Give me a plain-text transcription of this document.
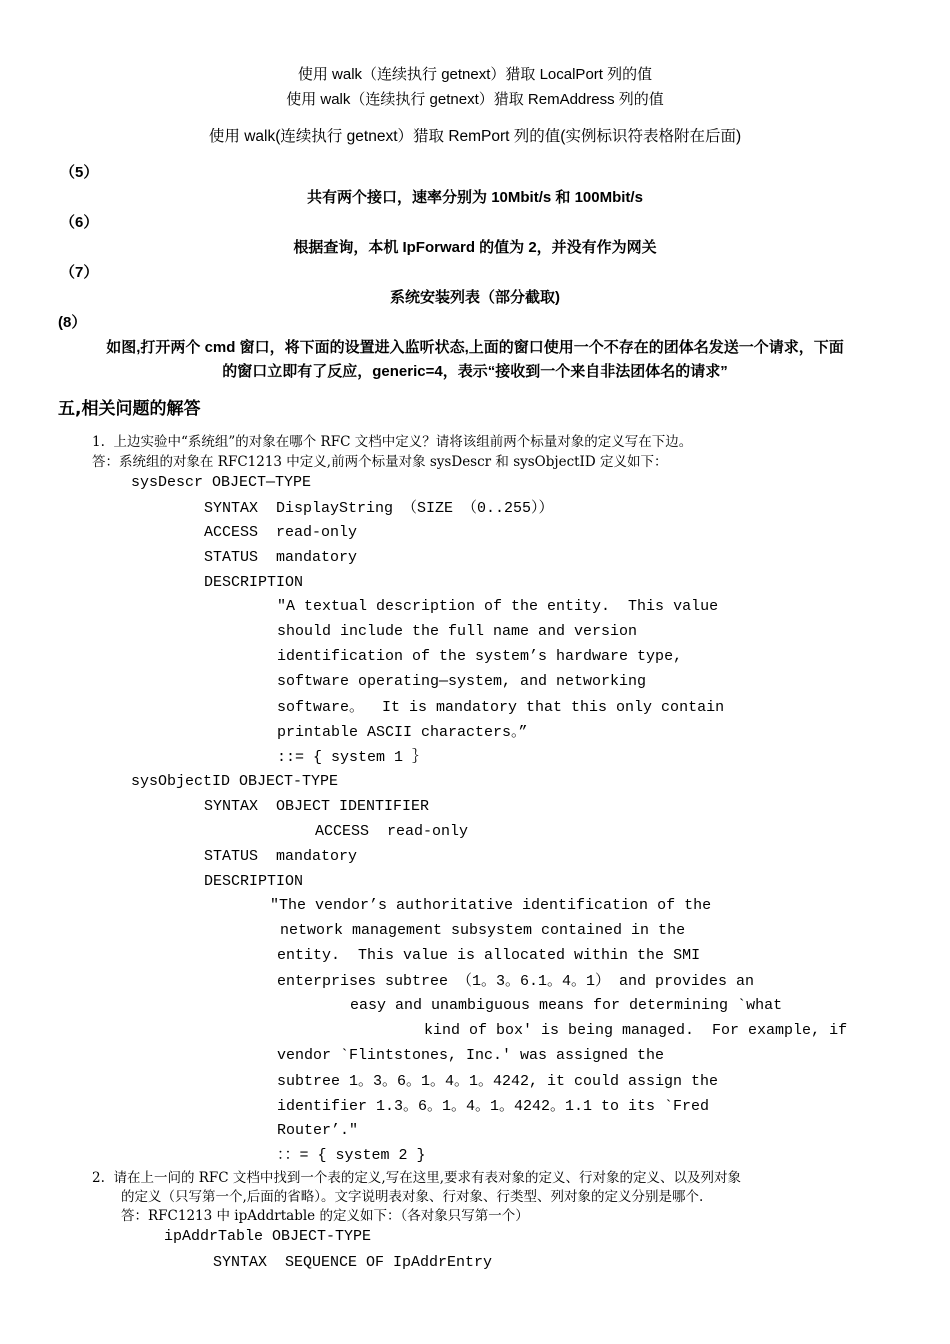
使用 walk（连续执行 getnext）猎取 LocalPort 列的值
使用 walk（连续执行 getnext）猎取 RemAddress 列的值
使用 walk(连续执行 getnext）猎取 RemPort 列的值(实例标识符表格附在后面)
（5）
共有两个接口，速率分别为 10Mbit/s 和 100Mbit/s
（6）
根据查询，本机 IpForward 的值为 2，并没有作为网关
（7）
系统安装列表（部分截取)
(8）
如图,打开两个 cmd 窗口，将下面的设置进入监听状态,上面的窗口使用一个不存在的团体名发送一个请求，下面
的窗口立即有了反应，generic=4，表示“接收到一个来自非法团体名的请求”
五,相关问题的解答
1.  上边实验中“系统组”的对象在哪个 RFC 文档中定义？请将该组前两个标量对象的定义写在下边。
答：系统组的对象在 RFC1213 中定义,前两个标量对象 sysDescr 和 sysObjectID 定义如下：
sysDescr OBJECT—TYPE
SYNTAX  DisplayString （SIZE （0..255））
ACCESS  read-only
STATUS  mandatory
DESCRIPTION
"A textual description of the entity.  This value
should include the full name and version
identification of the system’s hardware type,
software operating—system, and networking
software。  It is mandatory that this only contain
printable ASCII characters。”
::= { system 1 ｝
sysObjectID OBJECT-TYPE
SYNTAX  OBJECT IDENTIFIER
ACCESS  read-only
STATUS  mandatory
DESCRIPTION
"The vendor’s authoritative identification of the
network management subsystem contained in the
entity.  This value is allocated within the SMI
enterprises subtree （1。3。6.1。4。1） and provides an
easy and unambiguous means for determining `what
kind of box' is being managed.  For example, if
vendor `Flintstones, Inc.' was assigned the
subtree 1。3。6。1。4。1。4242, it could assign the
identifier 1.3。6。1。4。1。4242。1.1 to its `Fred
Router’."
：：= { system 2 }
2.  请在上一问的 RFC 文档中找到一个表的定义,写在这里,要求有表对象的定义、行对象的定义、以及列对象
的定义（只写第一个,后面的省略）。文字说明表对象、行对象、行类型、列对象的定义分别是哪个.
答：RFC1213 中 ipAddrtable 的定义如下：（各对象只写第一个）
ipAddrTable OBJECT-TYPE
SYNTAX  SEQUENCE OF IpAddrEntry
